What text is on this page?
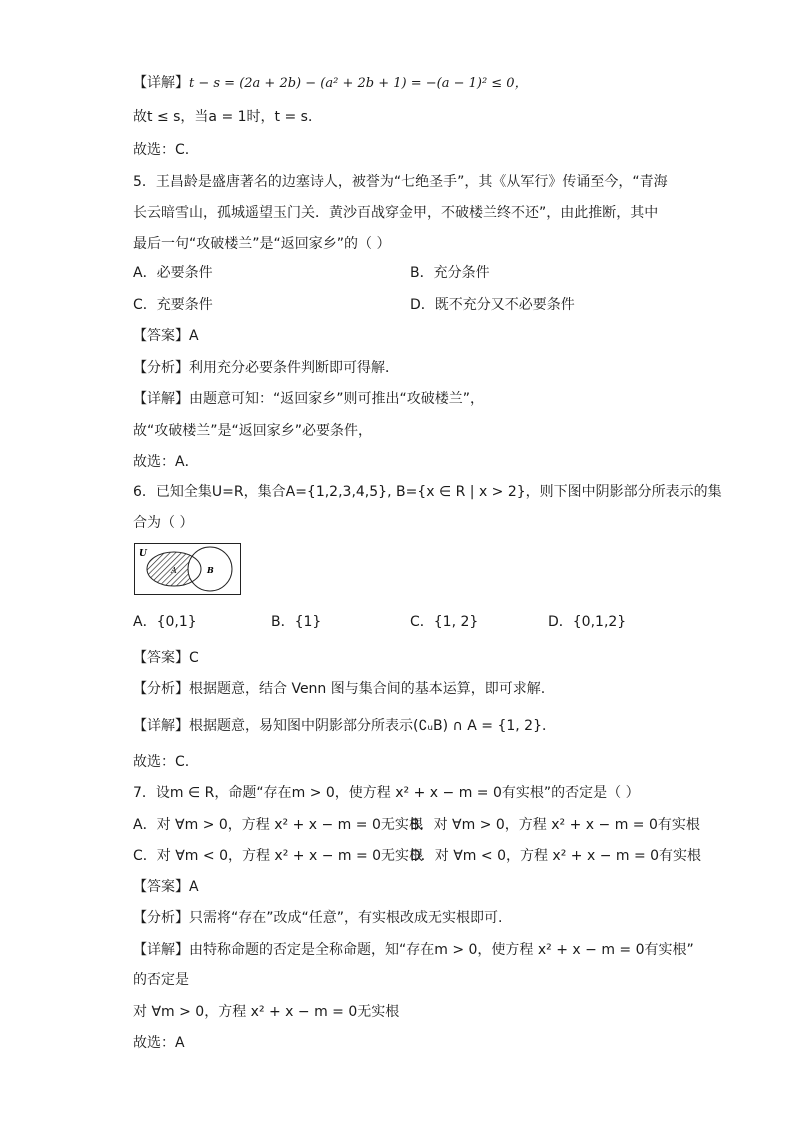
【详解】t − s = (2a + 2b) − (a² + 2b + 1) = −(a − 1)² ≤ 0，
故t ≤ s，当a = 1时，t = s．
故选：C.
5．王昌龄是盛唐著名的边塞诗人，被誉为“七绝圣手”，其《从军行》传诵至今，“青海
长云暗雪山，孤城遥望玉门关．黄沙百战穿金甲，不破楼兰终不还”，由此推断，其中
最后一句“攻破楼兰”是“返回家乡”的（ ）
A．必要条件	B．充分条件
C．充要条件	D．既不充分又不必要条件
【答案】A
【分析】利用充分必要条件判断即可得解．
【详解】由题意可知：“返回家乡”则可推出“攻破楼兰”，
故“攻破楼兰”是“返回家乡”必要条件，
故选：A．
6．已知全集U=R，集合A={1,2,3,4,5}, B={x ∈ R | x > 2}，则下图中阴影部分所表示的集
合为（ ）
U
A	B
A．{0,1}	B．{1}	C．{1, 2}	D．{0,1,2}
【答案】C
【分析】根据题意，结合 Venn 图与集合间的基本运算，即可求解.
【详解】根据题意，易知图中阴影部分所表示(∁ᵤB) ∩ A = {1, 2}．
故选：C.
7．设m ∈ R，命题“存在m > 0，使方程 x² + x − m = 0有实根”的否定是（ ）
A．对 ∀m > 0，方程 x² + x − m = 0无实根
B．对 ∀m > 0，方程 x² + x − m = 0有实根
C．对 ∀m < 0，方程 x² + x − m = 0无实根
D．对 ∀m < 0，方程 x² + x − m = 0有实根
【答案】A
【分析】只需将“存在”改成“任意”，有实根改成无实根即可.
【详解】由特称命题的否定是全称命题，知“存在m > 0，使方程 x² + x − m = 0有实根”
的否定是
对 ∀m > 0，方程 x² + x − m = 0无实根
故选：A
